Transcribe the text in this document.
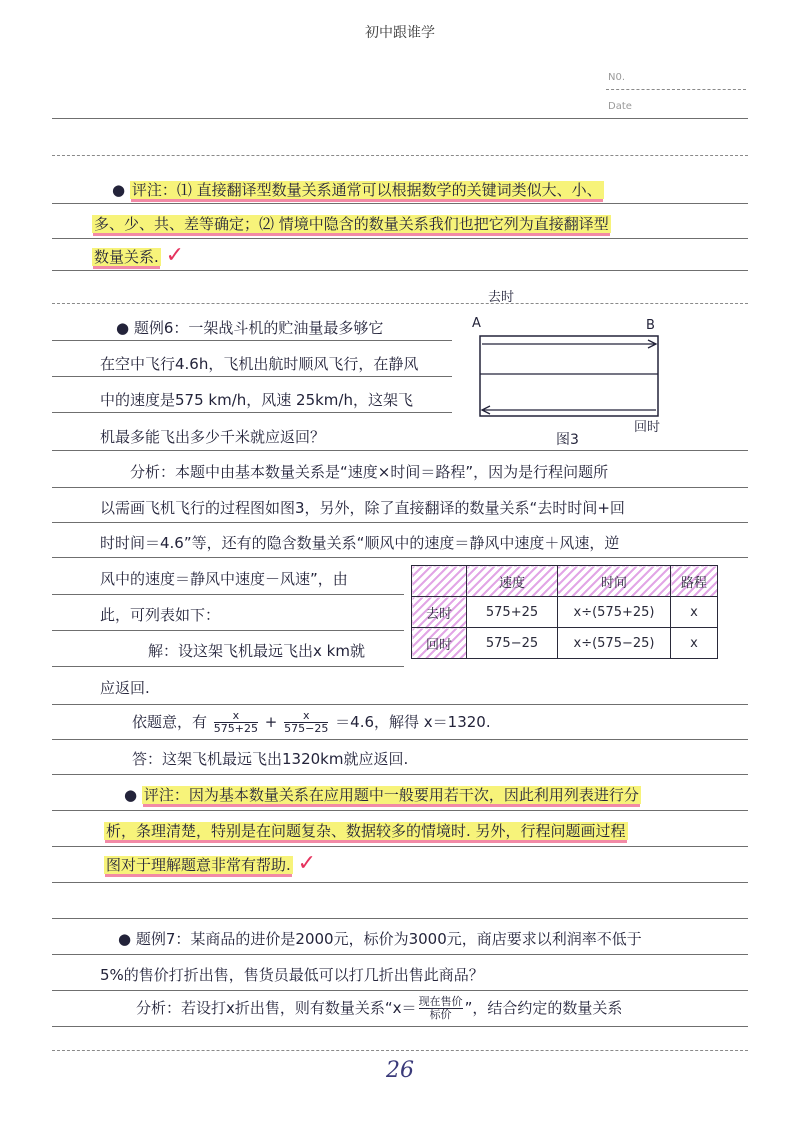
初中跟谁学
N0.
Date
● 评注：⑴ 直接翻译型数量关系通常可以根据数学的关键词类似大、小、
多、少、共、差等确定；⑵ 情境中隐含的数量关系我们也把它列为直接翻译型
数量关系. ✓
● 题例6：一架战斗机的贮油量最多够它
在空中飞行4.6h，飞机出航时顺风飞行，在静风
中的速度是575 km/h，风速 25km/h，这架飞
机最多能飞出多少千米就应返回？
去时
A	B
回时
图3
分析：本题中由基本数量关系是“速度×时间＝路程”，因为是行程问题所
以需画飞机飞行的过程图如图3，另外，除了直接翻译的数量关系“去时时间+回
时时间＝4.6”等，还有的隐含数量关系“顺风中的速度＝静风中速度＋风速，逆
风中的速度＝静风中速度－风速”，由
此，可列表如下：
	速度	时间	路程
去时	575+25	x÷(575+25)	x
回时	575−25	x÷(575−25)	x
解：设这架飞机最远飞出x km就
应返回.
依题意，有 $\frac{x}{575+25} + \frac{x}{575-25} =4.6$，解得 x＝1320.
答：这架飞机最远飞出1320km就应返回.
● 评注：因为基本数量关系在应用题中一般要用若干次，因此利用列表进行分
析，条理清楚，特别是在问题复杂、数据较多的情境时. 另外，行程问题画过程
图对于理解题意非常有帮助. ✓
● 题例7：某商品的进价是2000元，标价为3000元，商店要求以利润率不低于
5%的售价打折出售，售货员最低可以打几折出售此商品？
分析：若设打x折出售，则有数量关系“$x= \frac{\text{现在售价}}{\text{标价}}$ ”，结合约定的数量关系
26
